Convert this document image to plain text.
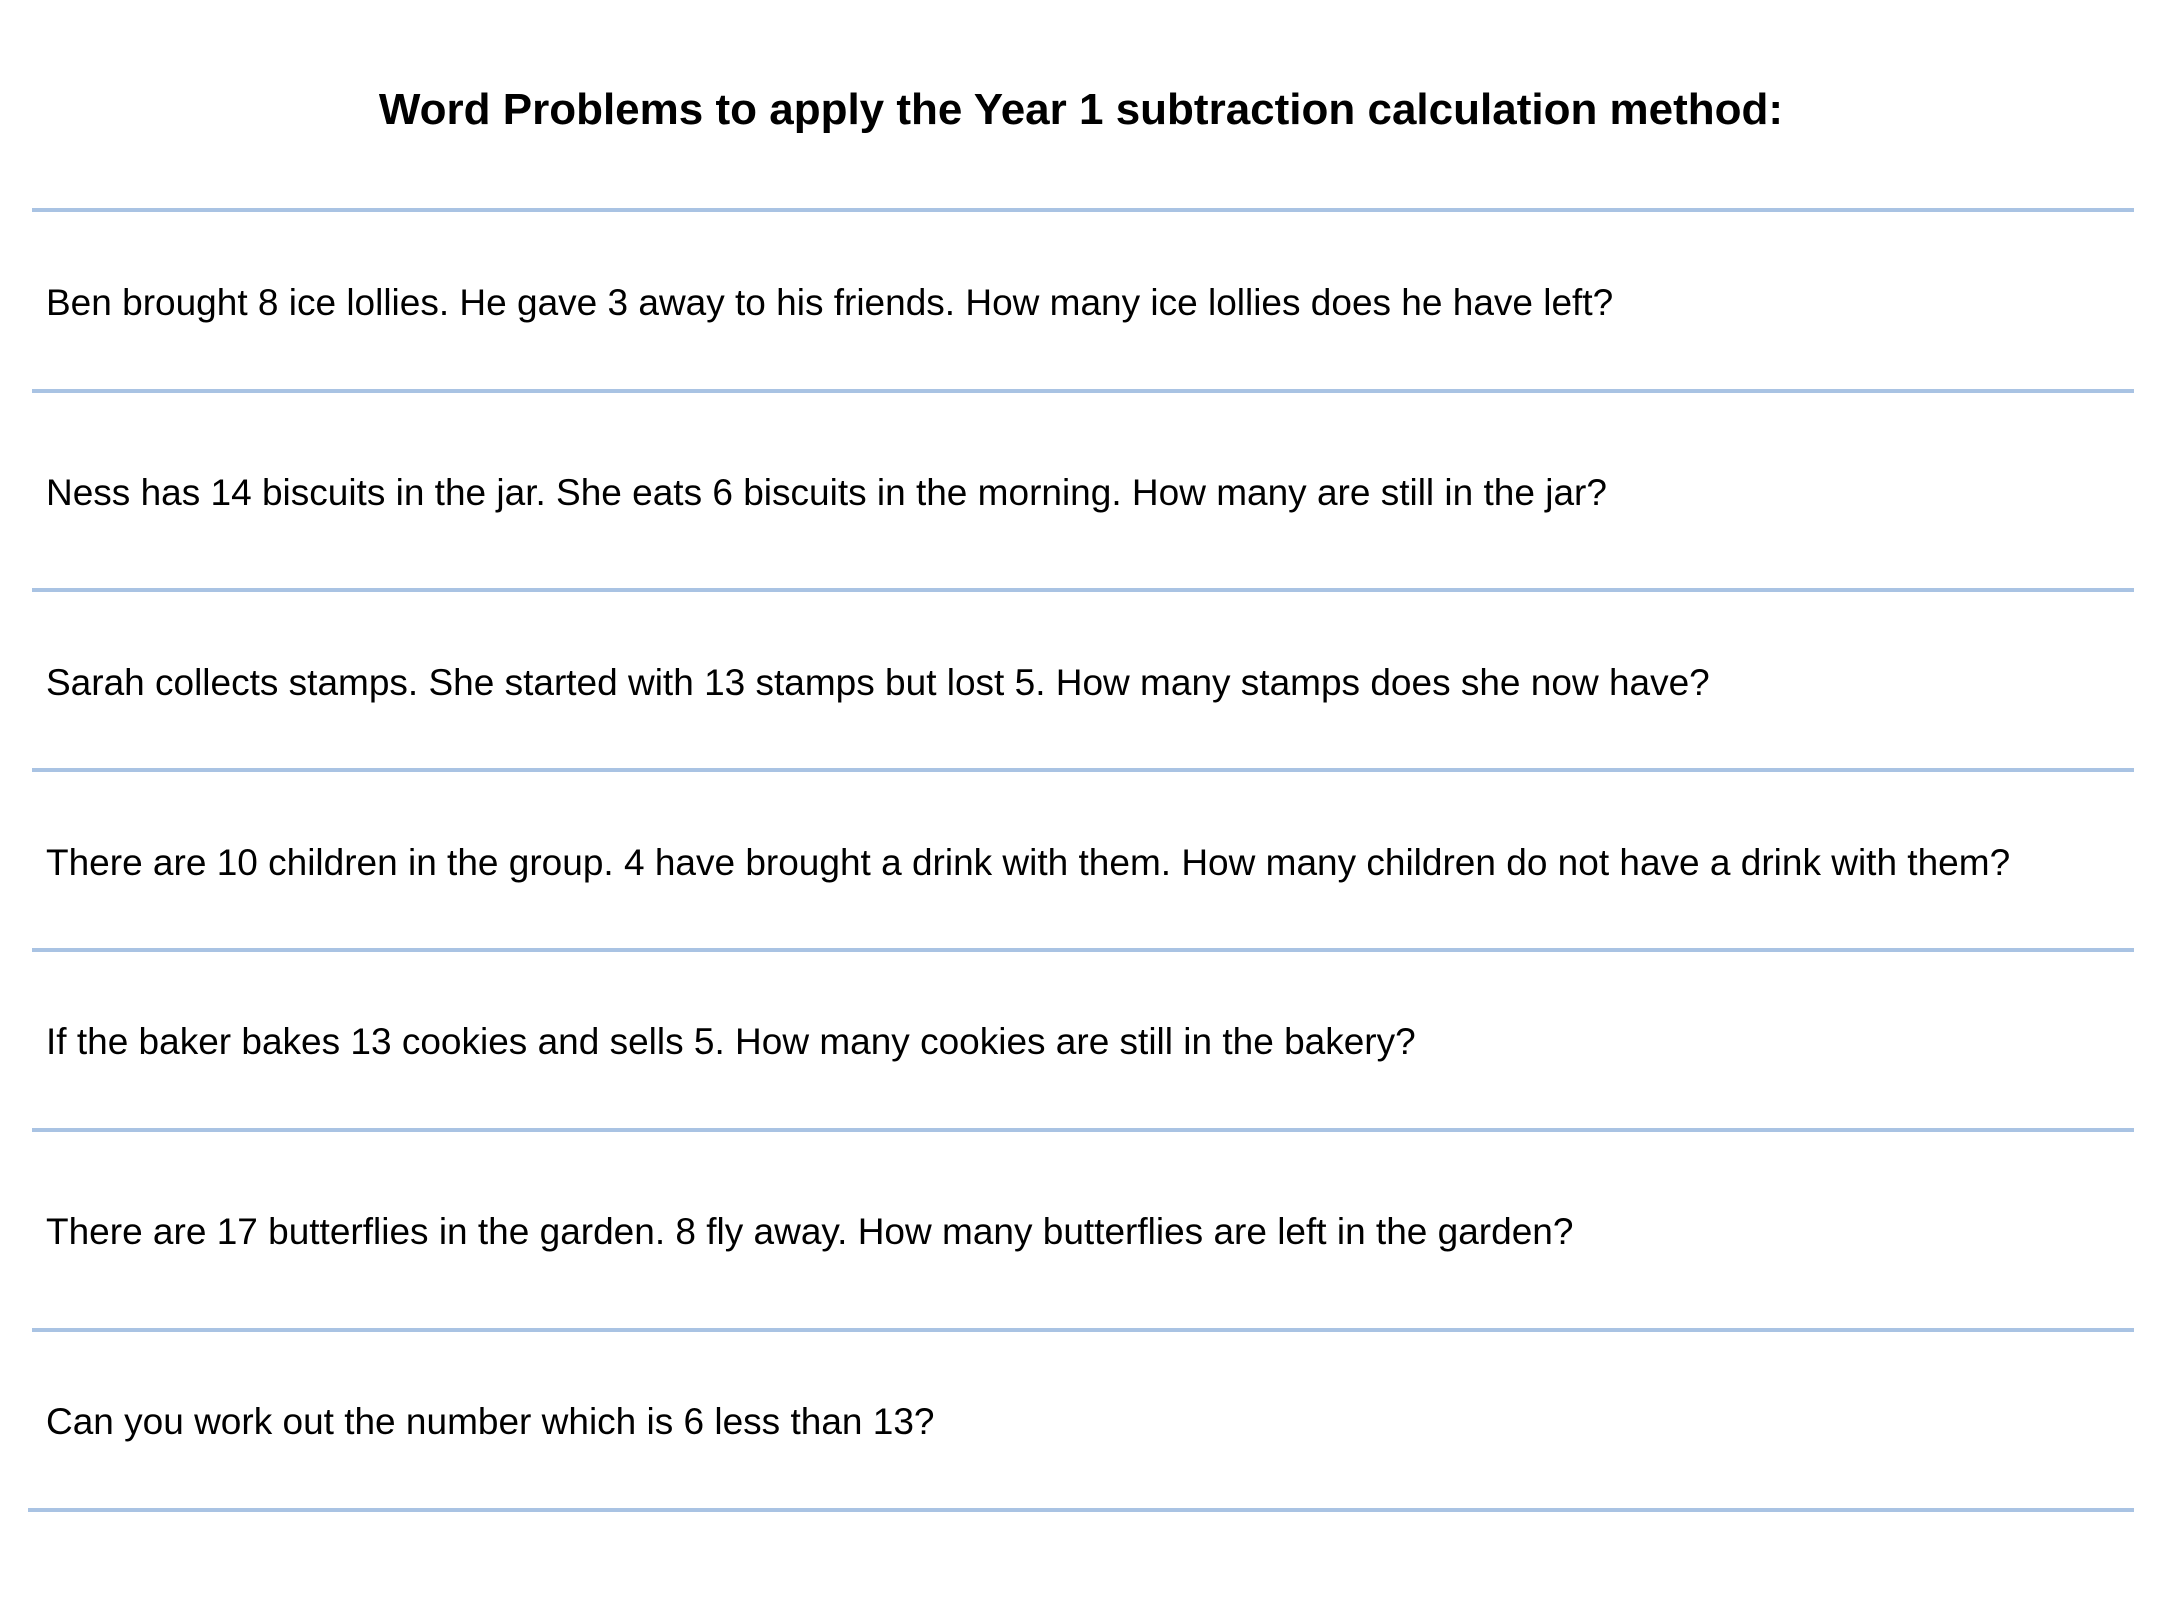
Word Problems to apply the Year 1 subtraction calculation method:

Ben brought 8 ice lollies. He gave 3 away to his friends. How many ice lollies does he have left?

Ness has 14 biscuits in the jar. She eats 6 biscuits in the morning. How many are still in the jar?

Sarah collects stamps. She started with 13 stamps but lost 5. How many stamps does she now have?

There are 10 children in the group. 4 have brought a drink with them. How many children do not have a drink with them?

If the baker bakes 13 cookies and sells 5. How many cookies are still in the bakery?

There are 17 butterflies in the garden. 8 fly away. How many butterflies are left in the garden?

Can you work out the number which is 6 less than 13?
